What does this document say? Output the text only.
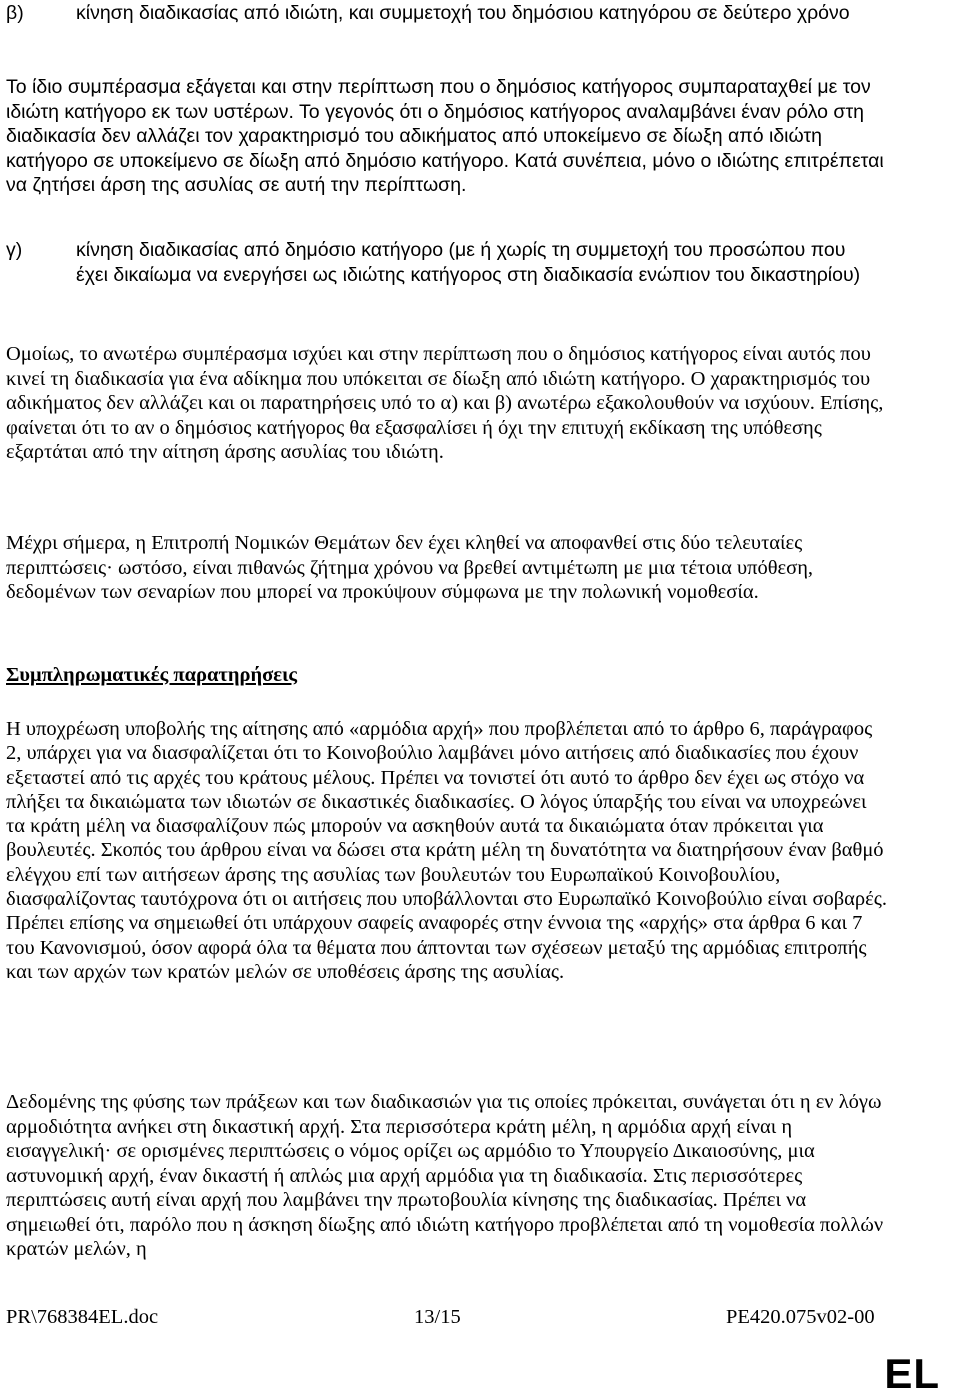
β)	κίνηση διαδικασίας από ιδιώτη, και συμμετοχή του δημόσιου κατηγόρου σε δεύτερο χρόνο
Το ίδιο συμπέρασμα εξάγεται και στην περίπτωση που ο δημόσιος κατήγορος συμπαραταχθεί με τον ιδιώτη κατήγορο εκ των υστέρων. Το γεγονός ότι ο δημόσιος κατήγορος αναλαμβάνει έναν ρόλο στη διαδικασία δεν αλλάζει τον χαρακτηρισμό του αδικήματος από υποκείμενο σε δίωξη από ιδιώτη κατήγορο σε υποκείμενο σε δίωξη από δημόσιο κατήγορο. Κατά συνέπεια, μόνο ο ιδιώτης επιτρέπεται να ζητήσει άρση της ασυλίας σε αυτή την περίπτωση.
γ)	κίνηση διαδικασίας από δημόσιο κατήγορο (με ή χωρίς τη συμμετοχή του προσώπου που έχει δικαίωμα να ενεργήσει ως ιδιώτης κατήγορος στη διαδικασία ενώπιον του δικαστηρίου)
Ομοίως, το ανωτέρω συμπέρασμα ισχύει και στην περίπτωση που ο δημόσιος κατήγορος είναι αυτός που κινεί τη διαδικασία για ένα αδίκημα που υπόκειται σε δίωξη από ιδιώτη κατήγορο. Ο χαρακτηρισμός του αδικήματος δεν αλλάζει και οι παρατηρήσεις υπό το α) και β) ανωτέρω εξακολουθούν να ισχύουν. Επίσης, φαίνεται ότι το αν ο δημόσιος κατήγορος θα εξασφαλίσει ή όχι την επιτυχή εκδίκαση της υπόθεσης εξαρτάται από την αίτηση άρσης ασυλίας του ιδιώτη.
Μέχρι σήμερα, η Επιτροπή Νομικών Θεμάτων δεν έχει κληθεί να αποφανθεί στις δύο τελευταίες περιπτώσεις· ωστόσο, είναι πιθανώς ζήτημα χρόνου να βρεθεί αντιμέτωπη με μια τέτοια υπόθεση, δεδομένων των σεναρίων που μπορεί να προκύψουν σύμφωνα με την πολωνική νομοθεσία.
Συμπληρωματικές παρατηρήσεις
Η υποχρέωση υποβολής της αίτησης από «αρμόδια αρχή» που προβλέπεται από το άρθρο 6, παράγραφος 2, υπάρχει για να διασφαλίζεται ότι το Κοινοβούλιο λαμβάνει μόνο αιτήσεις από διαδικασίες που έχουν εξεταστεί από τις αρχές του κράτους μέλους. Πρέπει να τονιστεί ότι αυτό το άρθρο δεν έχει ως στόχο να πλήξει τα δικαιώματα των ιδιωτών σε δικαστικές διαδικασίες. Ο λόγος ύπαρξής του είναι να υποχρεώνει τα κράτη μέλη να διασφαλίζουν πώς μπορούν να ασκηθούν αυτά τα δικαιώματα όταν πρόκειται για βουλευτές. Σκοπός του άρθρου είναι να δώσει στα κράτη μέλη τη δυνατότητα να διατηρήσουν έναν βαθμό ελέγχου επί των αιτήσεων άρσης της ασυλίας των βουλευτών του Ευρωπαϊκού Κοινοβουλίου, διασφαλίζοντας ταυτόχρονα ότι οι αιτήσεις που υποβάλλονται στο Ευρωπαϊκό Κοινοβούλιο είναι σοβαρές. Πρέπει επίσης να σημειωθεί ότι υπάρχουν σαφείς αναφορές στην έννοια της «αρχής» στα άρθρα 6 και 7 του Κανονισμού, όσον αφορά όλα τα θέματα που άπτονται των σχέσεων μεταξύ της αρμόδιας επιτροπής και των αρχών των κρατών μελών σε υποθέσεις άρσης της ασυλίας.
Δεδομένης της φύσης των πράξεων και των διαδικασιών για τις οποίες πρόκειται, συνάγεται ότι η εν λόγω αρμοδιότητα ανήκει στη δικαστική αρχή. Στα περισσότερα κράτη μέλη, η αρμόδια αρχή είναι η εισαγγελική· σε ορισμένες περιπτώσεις ο νόμος ορίζει ως αρμόδιο το Υπουργείο Δικαιοσύνης, μια αστυνομική αρχή, έναν δικαστή ή απλώς μια αρχή αρμόδια για τη διαδικασία. Στις περισσότερες περιπτώσεις αυτή είναι αρχή που λαμβάνει την πρωτοβουλία κίνησης της διαδικασίας. Πρέπει να σημειωθεί ότι, παρόλο που η άσκηση δίωξης από ιδιώτη κατήγορο προβλέπεται από τη νομοθεσία πολλών κρατών μελών, η
PR\768384EL.doc	13/15	PE420.075v02-00
EL
